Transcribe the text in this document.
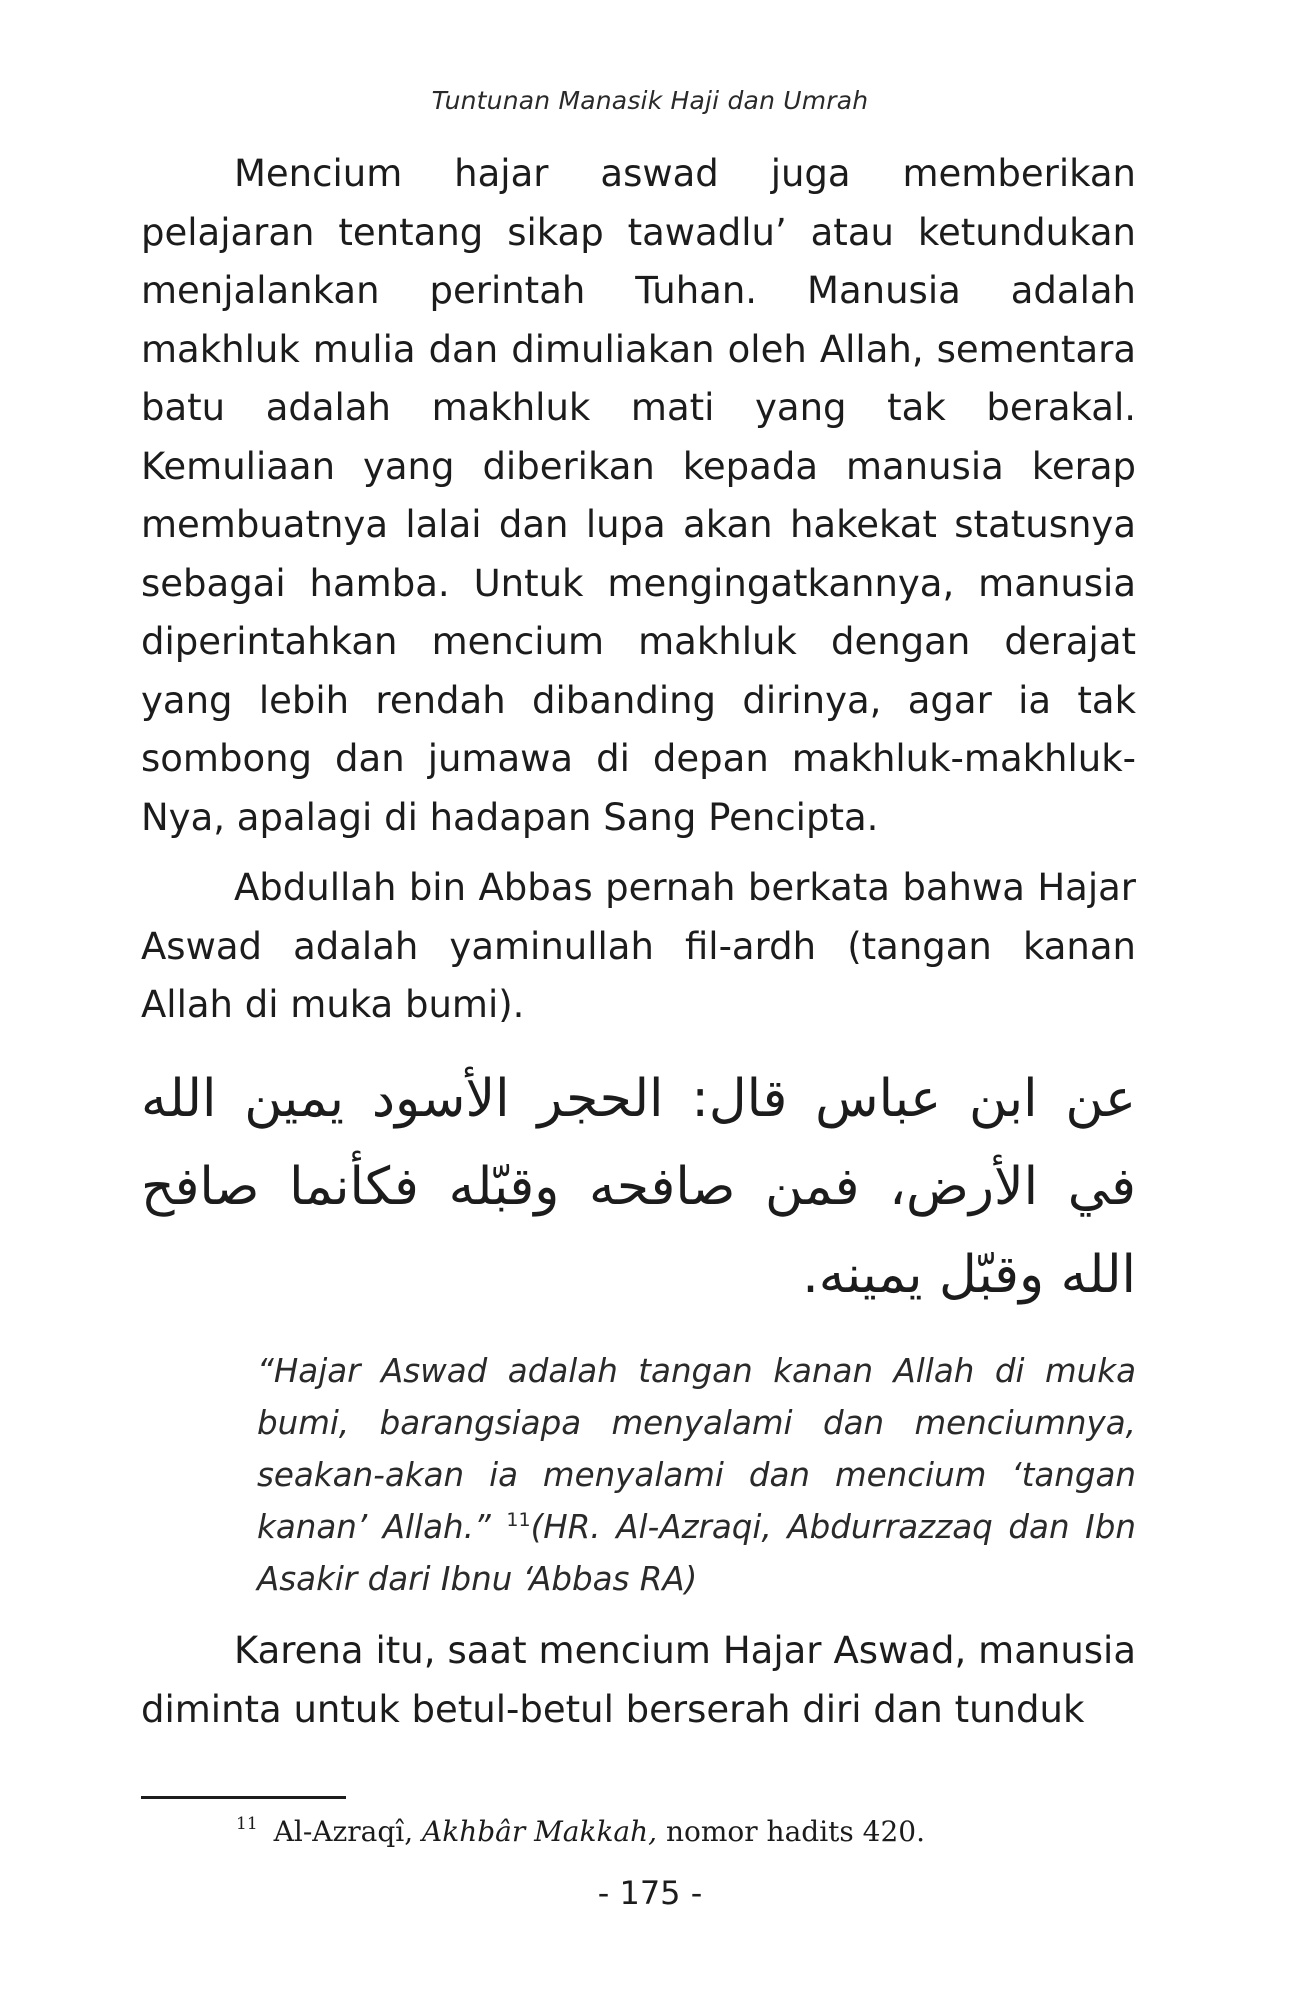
Tuntunan Manasik Haji dan Umrah

Mencium hajar aswad juga memberikan pelajaran tentang sikap tawadlu’ atau ketundukan menjalankan perintah Tuhan. Manusia adalah makhluk mulia dan dimuliakan oleh Allah, sementara batu adalah makhluk mati yang tak berakal. Kemuliaan yang diberikan kepada manusia kerap membuatnya lalai dan lupa akan hakekat statusnya sebagai hamba. Untuk mengingatkannya, manusia diperintahkan mencium makhluk dengan derajat yang lebih rendah dibanding dirinya, agar ia tak sombong dan jumawa di depan makhluk-makhluk-Nya, apalagi di hadapan Sang Pencipta.

Abdullah bin Abbas pernah berkata bahwa Hajar Aswad adalah yaminullah fil-ardh (tangan kanan Allah di muka bumi).

عن ابن عباس قال: الحجر الأسود يمين الله في الأرض، فمن صافحه وقبّله فكأنما صافح الله وقبّل يمينه.

“Hajar Aswad adalah tangan kanan Allah di muka bumi, barangsiapa menyalami dan menciumnya, seakan-akan ia menyalami dan mencium ‘tangan kanan’ Allah.” $^{11}$(HR. Al-Azraqi, Abdurrazzaq dan Ibn Asakir dari Ibnu ‘Abbas RA)

Karena itu, saat mencium Hajar Aswad, manusia diminta untuk betul-betul berserah diri dan tunduk

$^{11}$ Al-Azraqî, Akhbâr Makkah, nomor hadits 420.
- 175 -
